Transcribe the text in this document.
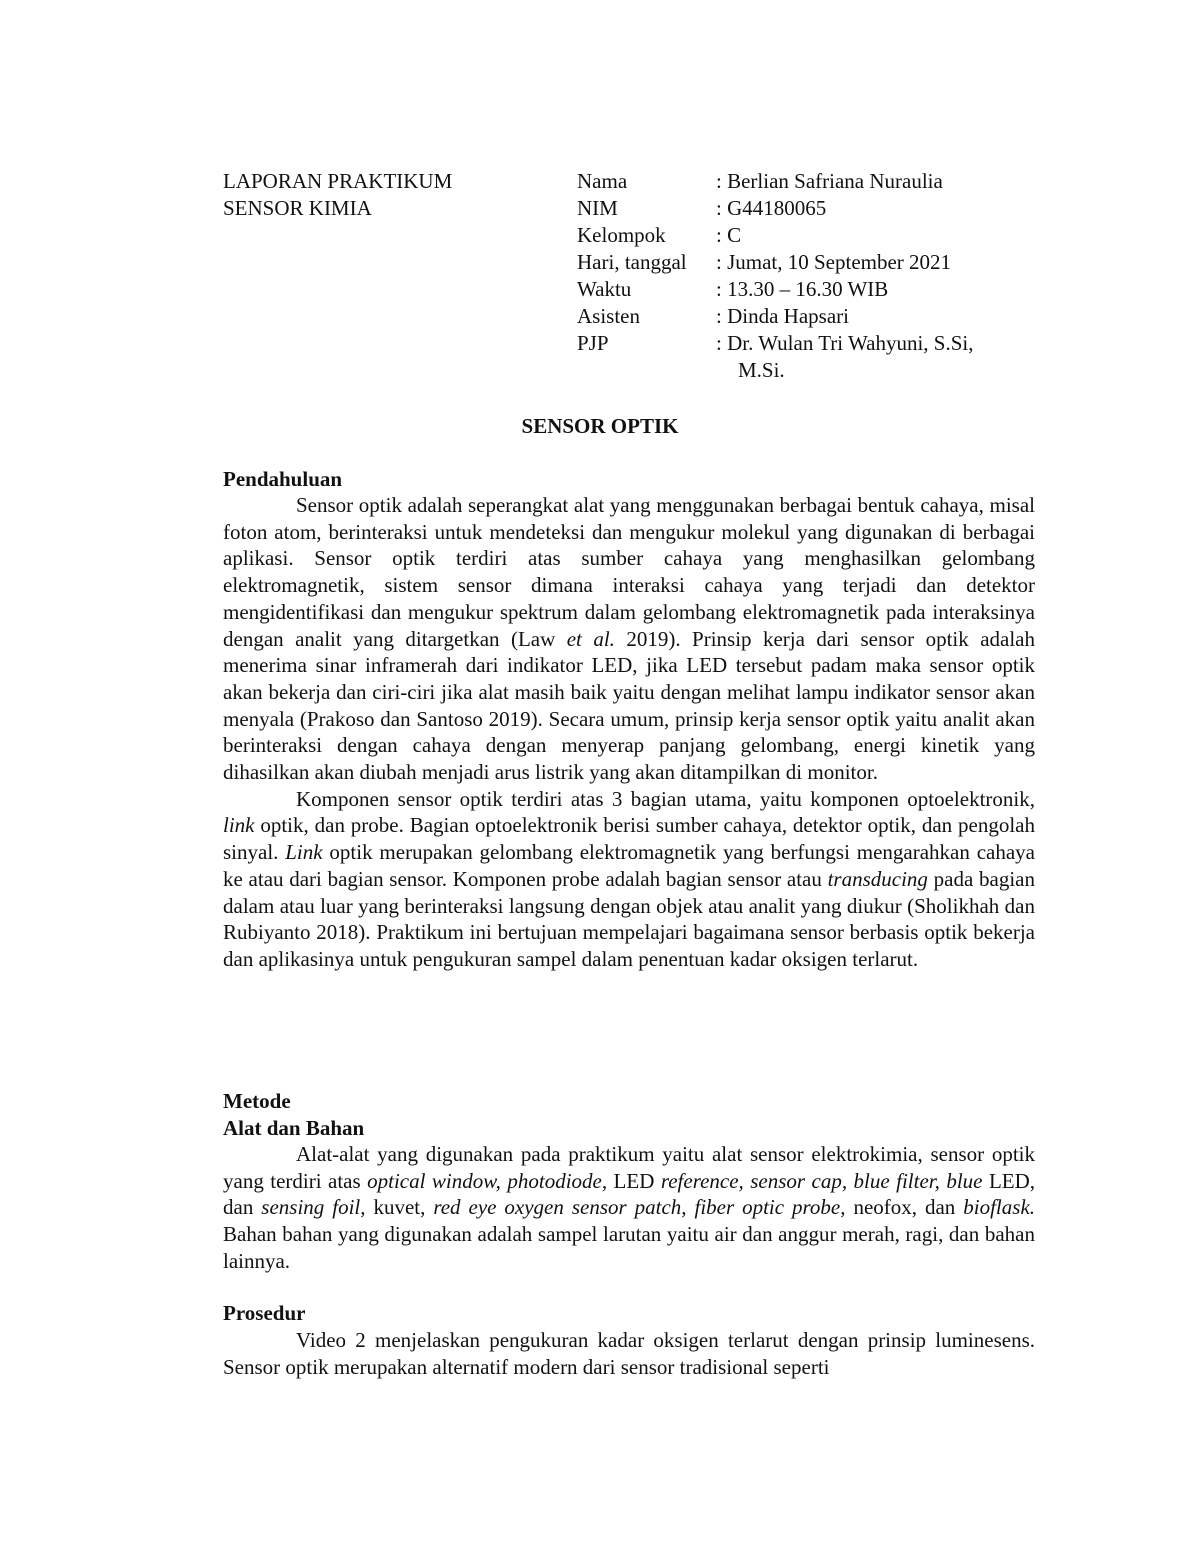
LAPORAN PRAKTIKUM
SENSOR KIMIA
Nama	: Berlian Safriana Nuraulia
NIM	: G44180065
Kelompok	: C
Hari, tanggal	: Jumat, 10 September 2021
Waktu	: 13.30 – 16.30 WIB
Asisten	: Dinda Hapsari
PJP	: Dr. Wulan Tri Wahyuni, S.Si,
M.Si.
SENSOR OPTIK
Pendahuluan

Sensor optik adalah seperangkat alat yang menggunakan berbagai bentuk cahaya, misal foton atom, berinteraksi untuk mendeteksi dan mengukur molekul yang digunakan di berbagai aplikasi. Sensor optik terdiri atas sumber cahaya yang menghasilkan gelombang elektromagnetik, sistem sensor dimana interaksi cahaya yang terjadi dan detektor mengidentifikasi dan mengukur spektrum dalam gelombang elektromagnetik pada interaksinya dengan analit yang ditargetkan (Law et al. 2019). Prinsip kerja dari sensor optik adalah menerima sinar inframerah dari indikator LED, jika LED tersebut padam maka sensor optik akan bekerja dan ciri-ciri jika alat masih baik yaitu dengan melihat lampu indikator sensor akan menyala (Prakoso dan Santoso 2019). Secara umum, prinsip kerja sensor optik yaitu analit akan berinteraksi dengan cahaya dengan menyerap panjang gelombang, energi kinetik yang dihasilkan akan diubah menjadi arus listrik yang akan ditampilkan di monitor.

Komponen sensor optik terdiri atas 3 bagian utama, yaitu komponen optoelektronik, link optik, dan probe. Bagian optoelektronik berisi sumber cahaya, detektor optik, dan pengolah sinyal. Link optik merupakan gelombang elektromagnetik yang berfungsi mengarahkan cahaya ke atau dari bagian sensor. Komponen probe adalah bagian sensor atau transducing pada bagian dalam atau luar yang berinteraksi langsung dengan objek atau analit yang diukur (Sholikhah dan Rubiyanto 2018). Praktikum ini bertujuan mempelajari bagaimana sensor berbasis optik bekerja dan aplikasinya untuk pengukuran sampel dalam penentuan kadar oksigen terlarut.

Metode
Alat dan Bahan

Alat-alat yang digunakan pada praktikum yaitu alat sensor elektrokimia, sensor optik yang terdiri atas optical window, photodiode, LED reference, sensor cap, blue filter, blue LED, dan sensing foil, kuvet, red eye oxygen sensor patch, fiber optic probe, neofox, dan bioflask. Bahan bahan yang digunakan adalah sampel larutan yaitu air dan anggur merah, ragi, dan bahan lainnya.

Prosedur

Video 2 menjelaskan pengukuran kadar oksigen terlarut dengan prinsip luminesens. Sensor optik merupakan alternatif modern dari sensor tradisional seperti
